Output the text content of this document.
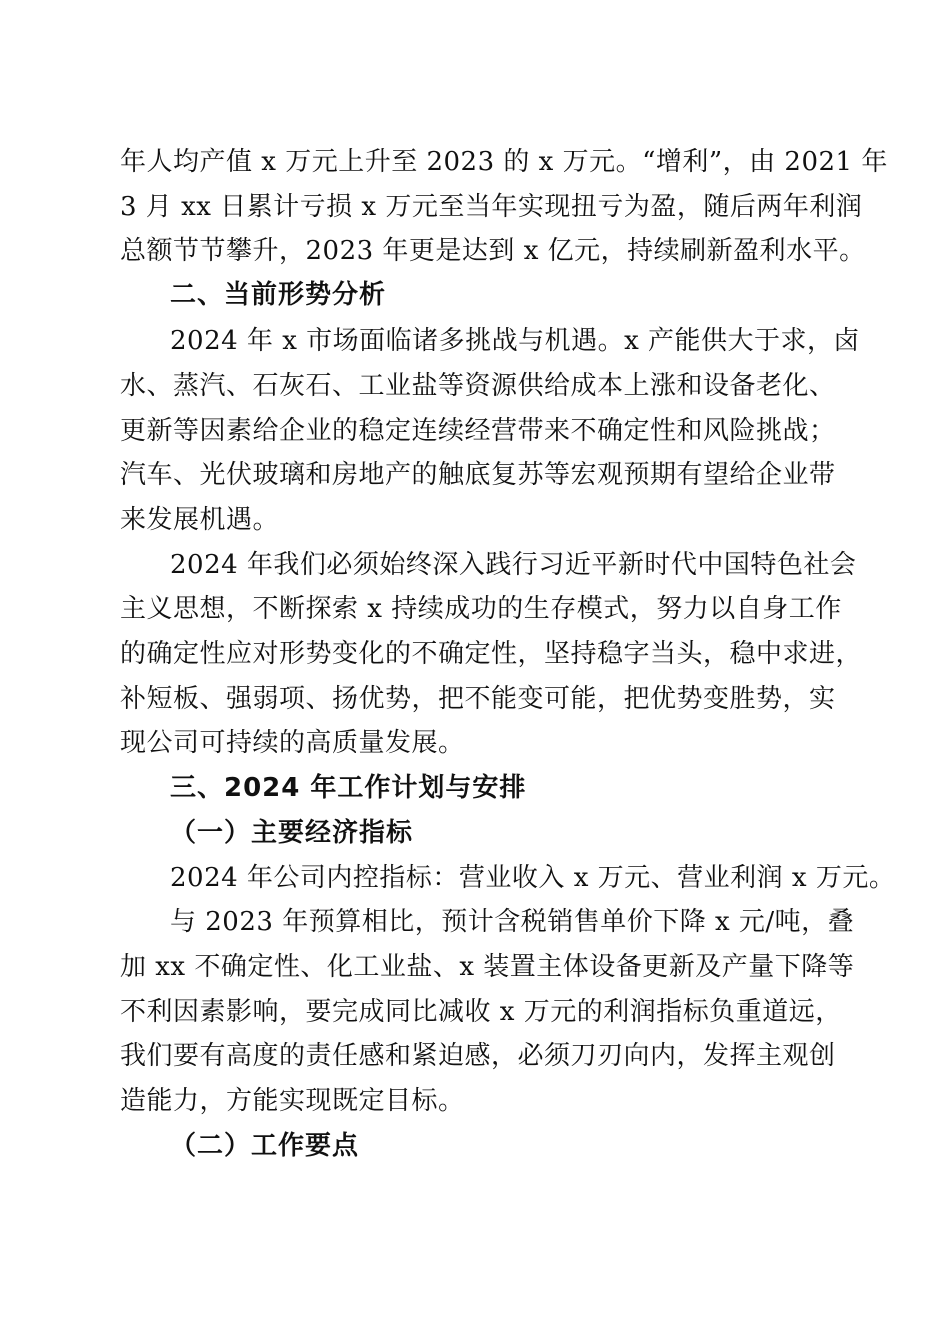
年人均产值 x 万元上升至 2023 的 x 万元。“增利”，由 2021 年
3 月 xx 日累计亏损 x 万元至当年实现扭亏为盈，随后两年利润
总额节节攀升，2023 年更是达到 x 亿元，持续刷新盈利水平。
二、当前形势分析
2024 年 x 市场面临诸多挑战与机遇。x 产能供大于求，卤
水、蒸汽、石灰石、工业盐等资源供给成本上涨和设备老化、
更新等因素给企业的稳定连续经营带来不确定性和风险挑战；
汽车、光伏玻璃和房地产的触底复苏等宏观预期有望给企业带
来发展机遇。
2024 年我们必须始终深入践行习近平新时代中国特色社会
主义思想，不断探索 x 持续成功的生存模式，努力以自身工作
的确定性应对形势变化的不确定性，坚持稳字当头，稳中求进，
补短板、强弱项、扬优势，把不能变可能，把优势变胜势，实
现公司可持续的高质量发展。
三、2024 年工作计划与安排
（一）主要经济指标
2024 年公司内控指标：营业收入 x 万元、营业利润 x 万元。
与 2023 年预算相比，预计含税销售单价下降 x 元/吨，叠
加 xx 不确定性、化工业盐、x 装置主体设备更新及产量下降等
不利因素影响，要完成同比减收 x 万元的利润指标负重道远，
我们要有高度的责任感和紧迫感，必须刀刃向内，发挥主观创
造能力，方能实现既定目标。
（二）工作要点
